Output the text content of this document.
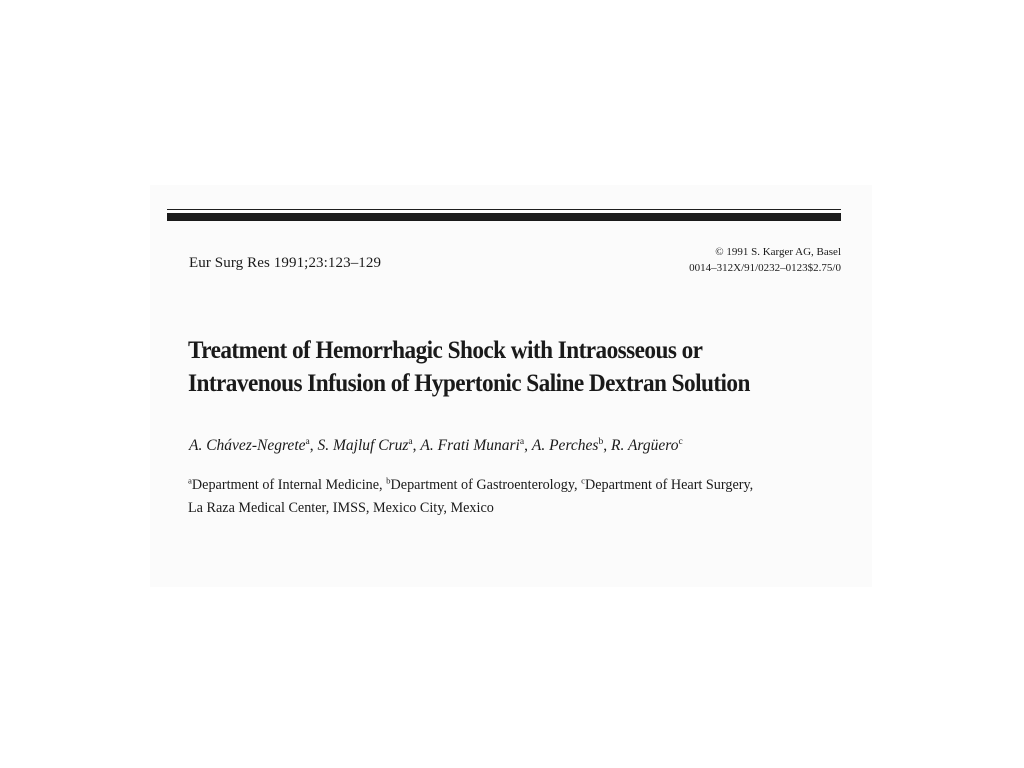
Eur Surg Res 1991;23:123–129
© 1991 S. Karger AG, Basel
0014–312X/91/0232–0123$2.75/0
Treatment of Hemorrhagic Shock with Intraosseous or
Intravenous Infusion of Hypertonic Saline Dextran Solution
A. Chávez-Negrete$^a$, S. Majluf Cruz$^a$, A. Frati Munari$^a$, A. Perches$^b$, R. Argüero$^c$
$^a$Department of Internal Medicine, $^b$Department of Gastroenterology, $^c$Department of Heart Surgery,
La Raza Medical Center, IMSS, Mexico City, Mexico
